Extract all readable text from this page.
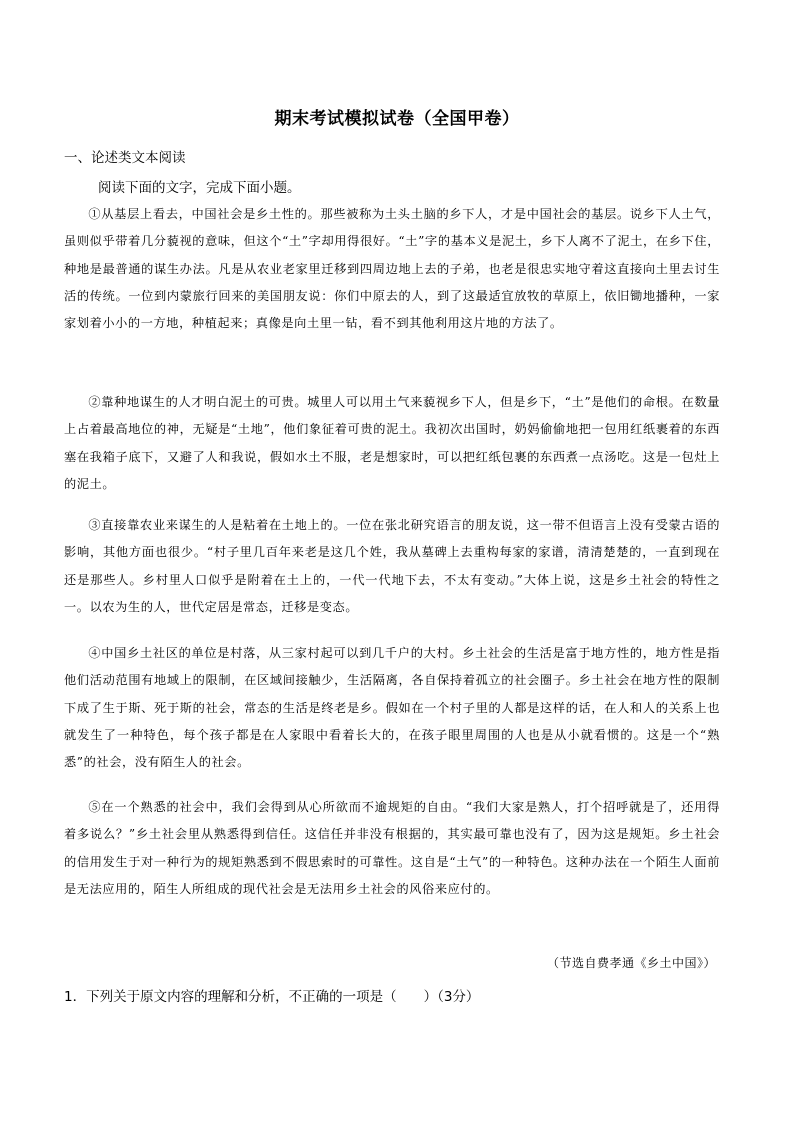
期末考试模拟试卷（全国甲卷）
一、论述类文本阅读
阅读下面的文字，完成下面小题。

①从基层上看去，中国社会是乡土性的。那些被称为土头土脑的乡下人，才是中国社会的基层。说乡下人土气，虽则似乎带着几分藐视的意味，但这个“土”字却用得很好。“土”字的基本义是泥土，乡下人离不了泥土，在乡下住，种地是最普通的谋生办法。凡是从农业老家里迁移到四周边地上去的子弟，也老是很忠实地守着这直接向土里去讨生活的传统。一位到内蒙旅行回来的美国朋友说：你们中原去的人，到了这最适宜放牧的草原上，依旧锄地播种，一家家划着小小的一方地，种植起来；真像是向土里一钻，看不到其他利用这片地的方法了。

②靠种地谋生的人才明白泥土的可贵。城里人可以用土气来藐视乡下人，但是乡下，“土”是他们的命根。在数量上占着最高地位的神，无疑是“土地”，他们象征着可贵的泥土。我初次出国时，奶妈偷偷地把一包用红纸裹着的东西塞在我箱子底下，又避了人和我说，假如水土不服，老是想家时，可以把红纸包裹的东西煮一点汤吃。这是一包灶上的泥土。

③直接靠农业来谋生的人是粘着在土地上的。一位在张北研究语言的朋友说，这一带不但语言上没有受蒙古语的影响，其他方面也很少。“村子里几百年来老是这几个姓，我从墓碑上去重构每家的家谱，清清楚楚的，一直到现在还是那些人。乡村里人口似乎是附着在土上的，一代一代地下去，不太有变动。”大体上说，这是乡土社会的特性之一。以农为生的人，世代定居是常态，迁移是变态。

④中国乡土社区的单位是村落，从三家村起可以到几千户的大村。乡土社会的生活是富于地方性的，地方性是指他们活动范围有地域上的限制，在区域间接触少，生活隔离，各自保持着孤立的社会圈子。乡土社会在地方性的限制下成了生于斯、死于斯的社会，常态的生活是终老是乡。假如在一个村子里的人都是这样的话，在人和人的关系上也就发生了一种特色，每个孩子都是在人家眼中看着长大的，在孩子眼里周围的人也是从小就看惯的。这是一个“熟悉”的社会，没有陌生人的社会。

⑤在一个熟悉的社会中，我们会得到从心所欲而不逾规矩的自由。“我们大家是熟人，打个招呼就是了，还用得着多说么？”乡土社会里从熟悉得到信任。这信任并非没有根据的，其实最可靠也没有了，因为这是规矩。乡土社会的信用发生于对一种行为的规矩熟悉到不假思索时的可靠性。这自是“土气”的一种特色。这种办法在一个陌生人面前是无法应用的，陌生人所组成的现代社会是无法用乡土社会的风俗来应付的。

（节选自费孝通《乡土中国》）
1．下列关于原文内容的理解和分析，不正确的一项是（　　）（3分）
